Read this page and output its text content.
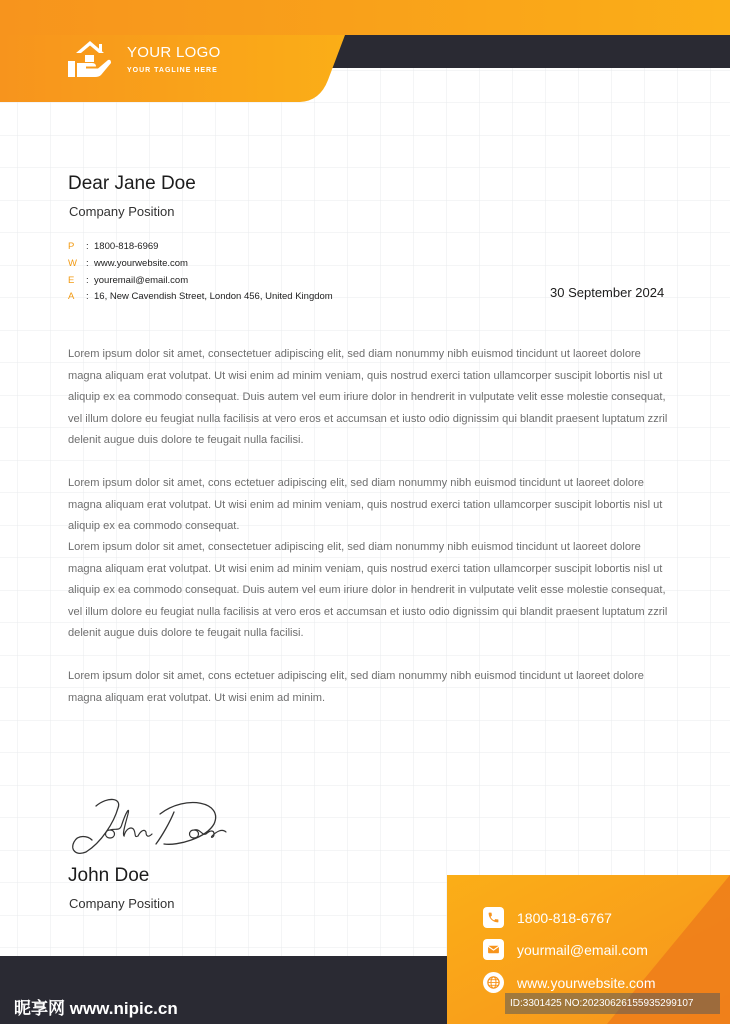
YOUR LOGO
YOUR TAGLINE HERE
Dear Jane Doe
Company Position
P : 1800-818-6969
W : www.yourwebsite.com
E : youremail@email.com
A : 16, New Cavendish Street, London 456, United Kingdom	30 September 2024

Lorem ipsum dolor sit amet, consectetuer adipiscing elit, sed diam nonummy nibh euismod tincidunt ut laoreet dolore magna aliquam erat volutpat. Ut wisi enim ad minim veniam, quis nostrud exerci tation ullamcorper suscipit lobortis nisl ut aliquip ex ea commodo consequat. Duis autem vel eum iriure dolor in hendrerit in vulputate velit esse molestie consequat, vel illum dolore eu feugiat nulla facilisis at vero eros et accumsan et iusto odio dignissim qui blandit praesent luptatum zzril delenit augue duis dolore te feugait nulla facilisi.

Lorem ipsum dolor sit amet, cons ectetuer adipiscing elit, sed diam nonummy nibh euismod tincidunt ut laoreet dolore magna aliquam erat volutpat. Ut wisi enim ad minim veniam, quis nostrud exerci tation ullamcorper suscipit lobortis nisl ut aliquip ex ea commodo consequat.

Lorem ipsum dolor sit amet, consectetuer adipiscing elit, sed diam nonummy nibh euismod tincidunt ut laoreet dolore magna aliquam erat volutpat. Ut wisi enim ad minim veniam, quis nostrud exerci tation ullamcorper suscipit lobortis nisl ut aliquip ex ea commodo consequat. Duis autem vel eum iriure dolor in hendrerit in vulputate velit esse molestie consequat, vel illum dolore eu feugiat nulla facilisis at vero eros et accumsan et iusto odio dignissim qui blandit praesent luptatum zzril delenit augue duis dolore te feugait nulla facilisi.

Lorem ipsum dolor sit amet, cons ectetuer adipiscing elit, sed diam nonummy nibh euismod tincidunt ut laoreet dolore magna aliquam erat volutpat. Ut wisi enim ad minim.

John Doe
Company Position
1800-818-6767
yourmail@email.com
www.yourwebsite.com
昵享网 www.nipic.cn	ID:3301425 NO:20230626155935299107
